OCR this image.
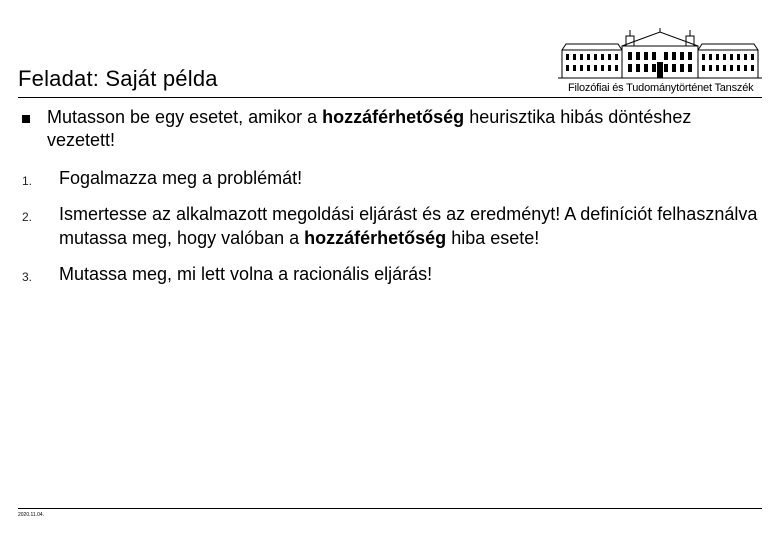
Feladat: Saját példa	Filozófiai és Tudománytörténet Tanszék
Mutasson be egy esetet, amikor a hozzáférhetőség heurisztika hibás döntéshez vezetett!
1. Fogalmazza meg a problémát!
2. Ismertesse az alkalmazott megoldási eljárást és az eredményt! A definíciót felhasználva mutassa meg, hogy valóban a hozzáférhetőség hiba esete!
3. Mutassa meg, mi lett volna a racionális eljárás!
2020.11.04.
